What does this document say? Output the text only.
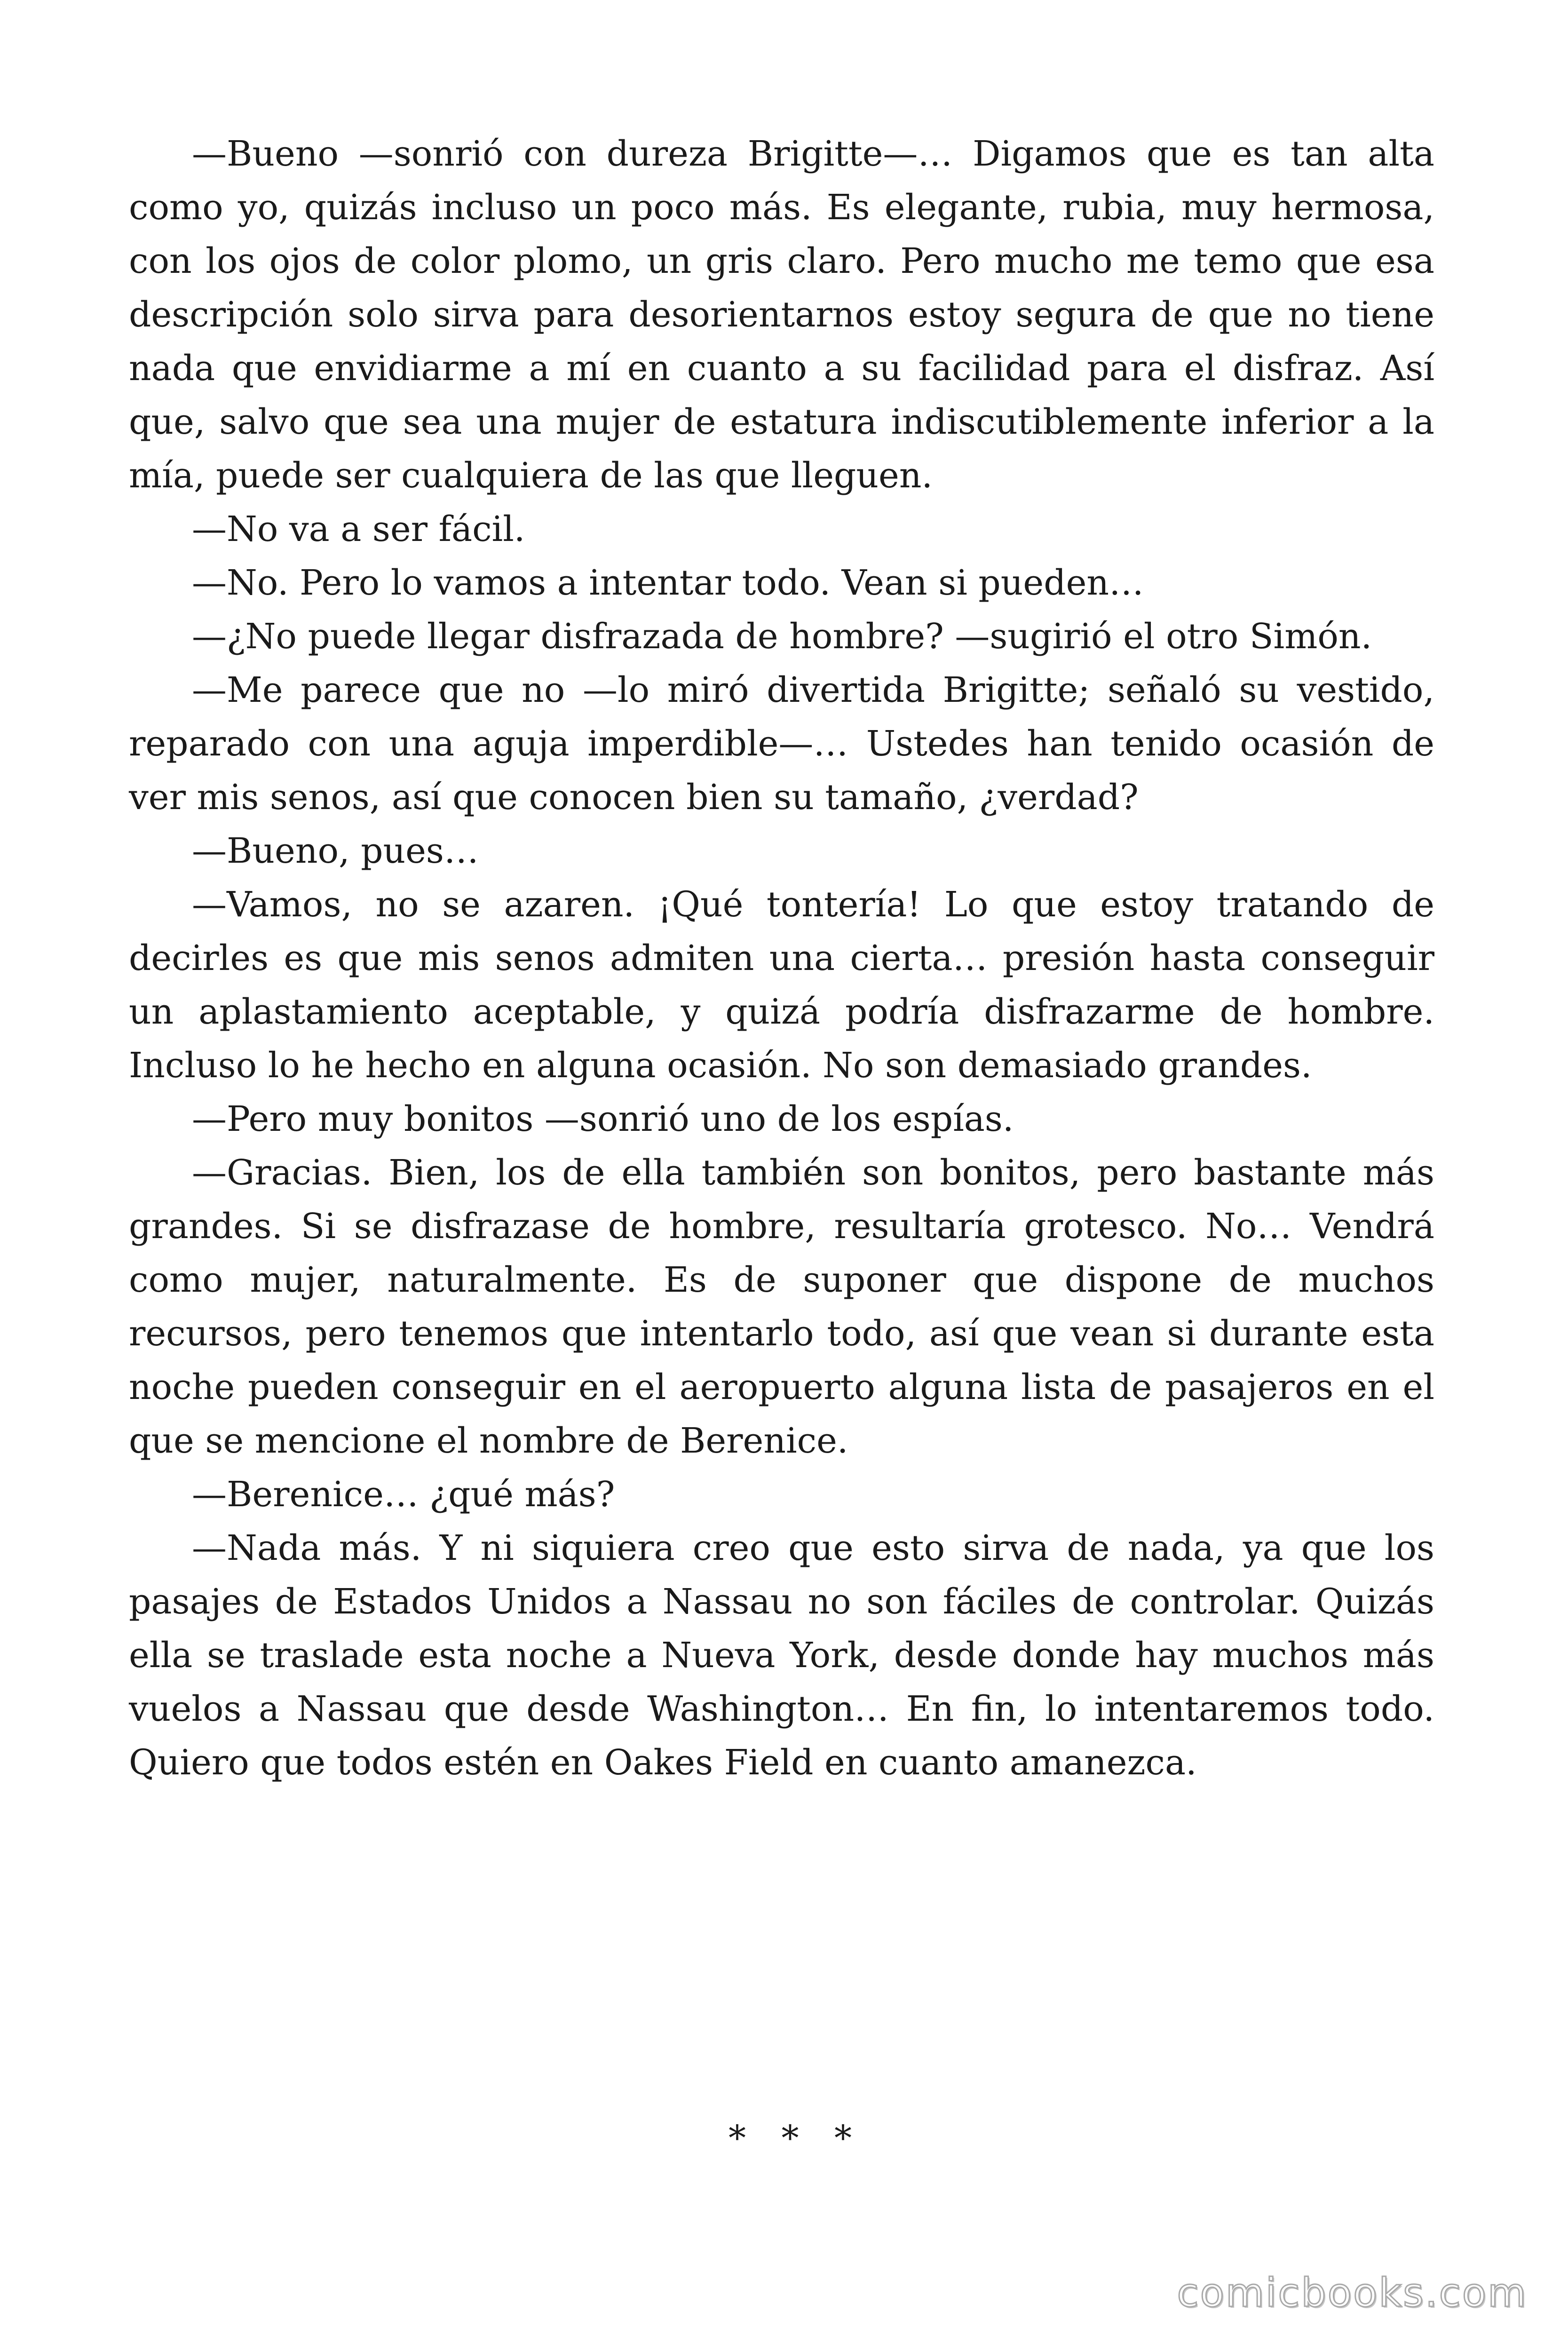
—Bueno —sonrió con dureza Brigitte—… Digamos que es tan alta como yo, quizás incluso un poco más. Es elegante, rubia, muy hermosa, con los ojos de color plomo, un gris claro. Pero mucho me temo que esa descripción solo sirva para desorientarnos estoy segura de que no tiene nada que envidiarme a mí en cuanto a su facilidad para el disfraz. Así que, salvo que sea una mujer de estatura indiscutiblemente inferior a la mía, puede ser cualquiera de las que lleguen.

—No va a ser fácil.

—No. Pero lo vamos a intentar todo. Vean si pueden…

—¿No puede llegar disfrazada de hombre? —sugirió el otro Simón.

—Me parece que no —lo miró divertida Brigitte; señaló su vestido, reparado con una aguja imperdible—… Ustedes han tenido ocasión de ver mis senos, así que conocen bien su tamaño, ¿verdad?

—Bueno, pues…

—Vamos, no se azaren. ¡Qué tontería! Lo que estoy tratando de decirles es que mis senos admiten una cierta… presión hasta conseguir un aplastamiento aceptable, y quizá podría disfrazarme de hombre. Incluso lo he hecho en alguna ocasión. No son demasiado grandes.

—Pero muy bonitos —sonrió uno de los espías.

—Gracias. Bien, los de ella también son bonitos, pero bastante más grandes. Si se disfrazase de hombre, resultaría grotesco. No… Vendrá como mujer, naturalmente. Es de suponer que dispone de muchos recursos, pero tenemos que intentarlo todo, así que vean si durante esta noche pueden conseguir en el aeropuerto alguna lista de pasajeros en el que se mencione el nombre de Berenice.

—Berenice… ¿qué más?

—Nada más. Y ni siquiera creo que esto sirva de nada, ya que los pasajes de Estados Unidos a Nassau no son fáciles de controlar. Quizás ella se traslade esta noche a Nueva York, desde donde hay muchos más vuelos a Nassau que desde Washington… En fin, lo intentaremos todo. Quiero que todos estén en Oakes Field en cuanto amanezca.

* * *
comicbooks.com
